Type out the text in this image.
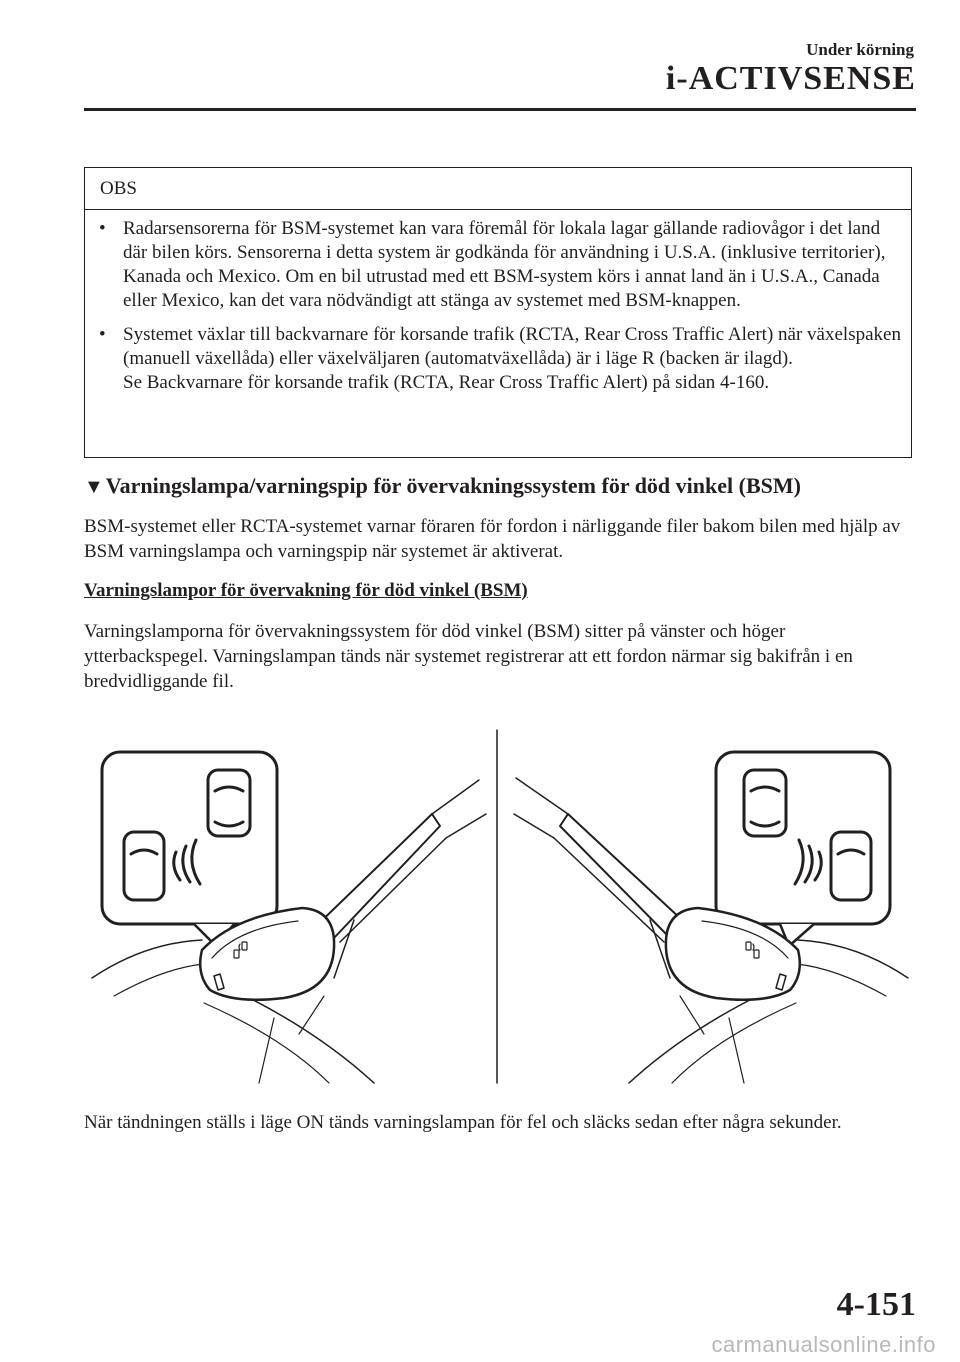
Under körning
i-ACTIVSENSE
OBS
• Radarsensorerna för BSM-systemet kan vara föremål för lokala lagar gällande radiovågor i det land där bilen körs. Sensorerna i detta system är godkända för användning i U.S.A. (inklusive territorier), Kanada och Mexico. Om en bil utrustad med ett BSM-system körs i annat land än i U.S.A., Canada eller Mexico, kan det vara nödvändigt att stänga av systemet med BSM-knappen.

• Systemet växlar till backvarnare för korsande trafik (RCTA, Rear Cross Traffic Alert) när växelspaken (manuell växellåda) eller växelväljaren (automatväxellåda) är i läge R (backen är ilagd).

Se Backvarnare för korsande trafik (RCTA, Rear Cross Traffic Alert) på sidan 4-160.

▼Varningslampa/varningspip för övervakningssystem för död vinkel (BSM)

BSM-systemet eller RCTA-systemet varnar föraren för fordon i närliggande filer bakom bilen med hjälp av BSM varningslampa och varningspip när systemet är aktiverat.

Varningslampor för övervakning för död vinkel (BSM)

Varningslamporna för övervakningssystem för död vinkel (BSM) sitter på vänster och höger ytterbackspegel. Varningslampan tänds när systemet registrerar att ett fordon närmar sig bakifrån i en bredvidliggande fil.

När tändningen ställs i läge ON tänds varningslampan för fel och släcks sedan efter några sekunder.

4-151
carmanualsonline.info
